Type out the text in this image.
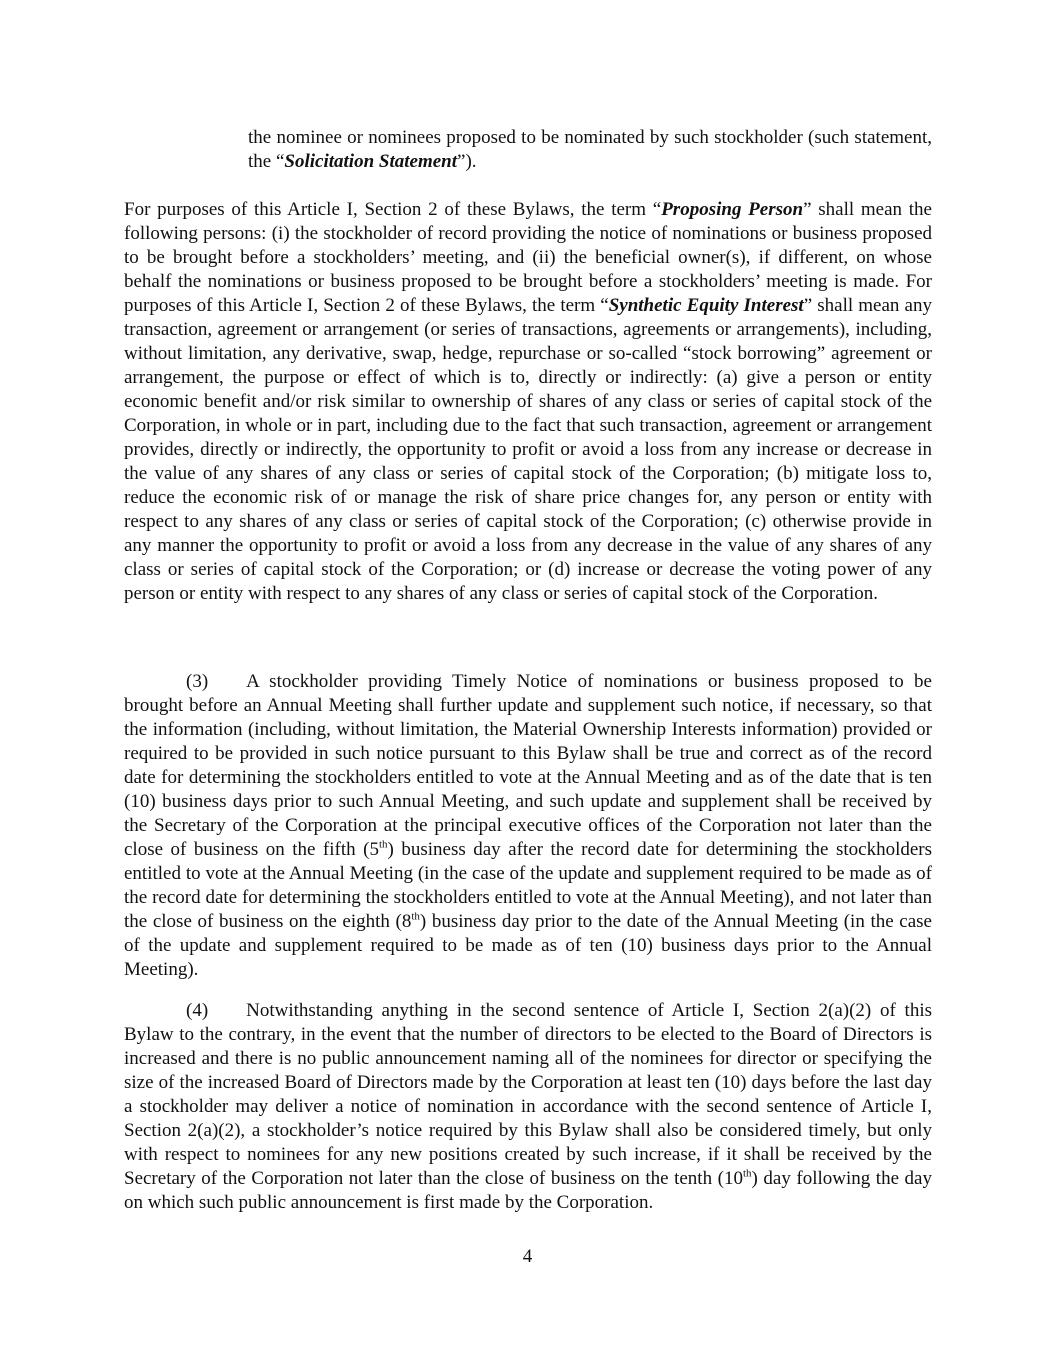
the nominee or nominees proposed to be nominated by such stockholder (such statement, the “Solicitation Statement”).

For purposes of this Article I, Section 2 of these Bylaws, the term “Proposing Person” shall mean the following persons: (i) the stockholder of record providing the notice of nominations or business proposed to be brought before a stockholders’ meeting, and (ii) the beneficial owner(s), if different, on whose behalf the nominations or business proposed to be brought before a stockholders’ meeting is made. For purposes of this Article I, Section 2 of these Bylaws, the term “Synthetic Equity Interest” shall mean any transaction, agreement or arrangement (or series of transactions, agreements or arrangements), including, without limitation, any derivative, swap, hedge, repurchase or so-called “stock borrowing” agreement or arrangement, the purpose or effect of which is to, directly or indirectly: (a) give a person or entity economic benefit and/or risk similar to ownership of shares of any class or series of capital stock of the Corporation, in whole or in part, including due to the fact that such transaction, agreement or arrangement provides, directly or indirectly, the opportunity to profit or avoid a loss from any increase or decrease in the value of any shares of any class or series of capital stock of the Corporation; (b) mitigate loss to, reduce the economic risk of or manage the risk of share price changes for, any person or entity with respect to any shares of any class or series of capital stock of the Corporation; (c) otherwise provide in any manner the opportunity to profit or avoid a loss from any decrease in the value of any shares of any class or series of capital stock of the Corporation; or (d) increase or decrease the voting power of any person or entity with respect to any shares of any class or series of capital stock of the Corporation.

(3) A stockholder providing Timely Notice of nominations or business proposed to be brought before an Annual Meeting shall further update and supplement such notice, if necessary, so that the information (including, without limitation, the Material Ownership Interests information) provided or required to be provided in such notice pursuant to this Bylaw shall be true and correct as of the record date for determining the stockholders entitled to vote at the Annual Meeting and as of the date that is ten (10) business days prior to such Annual Meeting, and such update and supplement shall be received by the Secretary of the Corporation at the principal executive offices of the Corporation not later than the close of business on the fifth (5th) business day after the record date for determining the stockholders entitled to vote at the Annual Meeting (in the case of the update and supplement required to be made as of the record date for determining the stockholders entitled to vote at the Annual Meeting), and not later than the close of business on the eighth (8th) business day prior to the date of the Annual Meeting (in the case of the update and supplement required to be made as of ten (10) business days prior to the Annual Meeting).

(4) Notwithstanding anything in the second sentence of Article I, Section 2(a)(2) of this Bylaw to the contrary, in the event that the number of directors to be elected to the Board of Directors is increased and there is no public announcement naming all of the nominees for director or specifying the size of the increased Board of Directors made by the Corporation at least ten (10) days before the last day a stockholder may deliver a notice of nomination in accordance with the second sentence of Article I, Section 2(a)(2), a stockholder’s notice required by this Bylaw shall also be considered timely, but only with respect to nominees for any new positions created by such increase, if it shall be received by the Secretary of the Corporation not later than the close of business on the tenth (10th) day following the day on which such public announcement is first made by the Corporation.

4
